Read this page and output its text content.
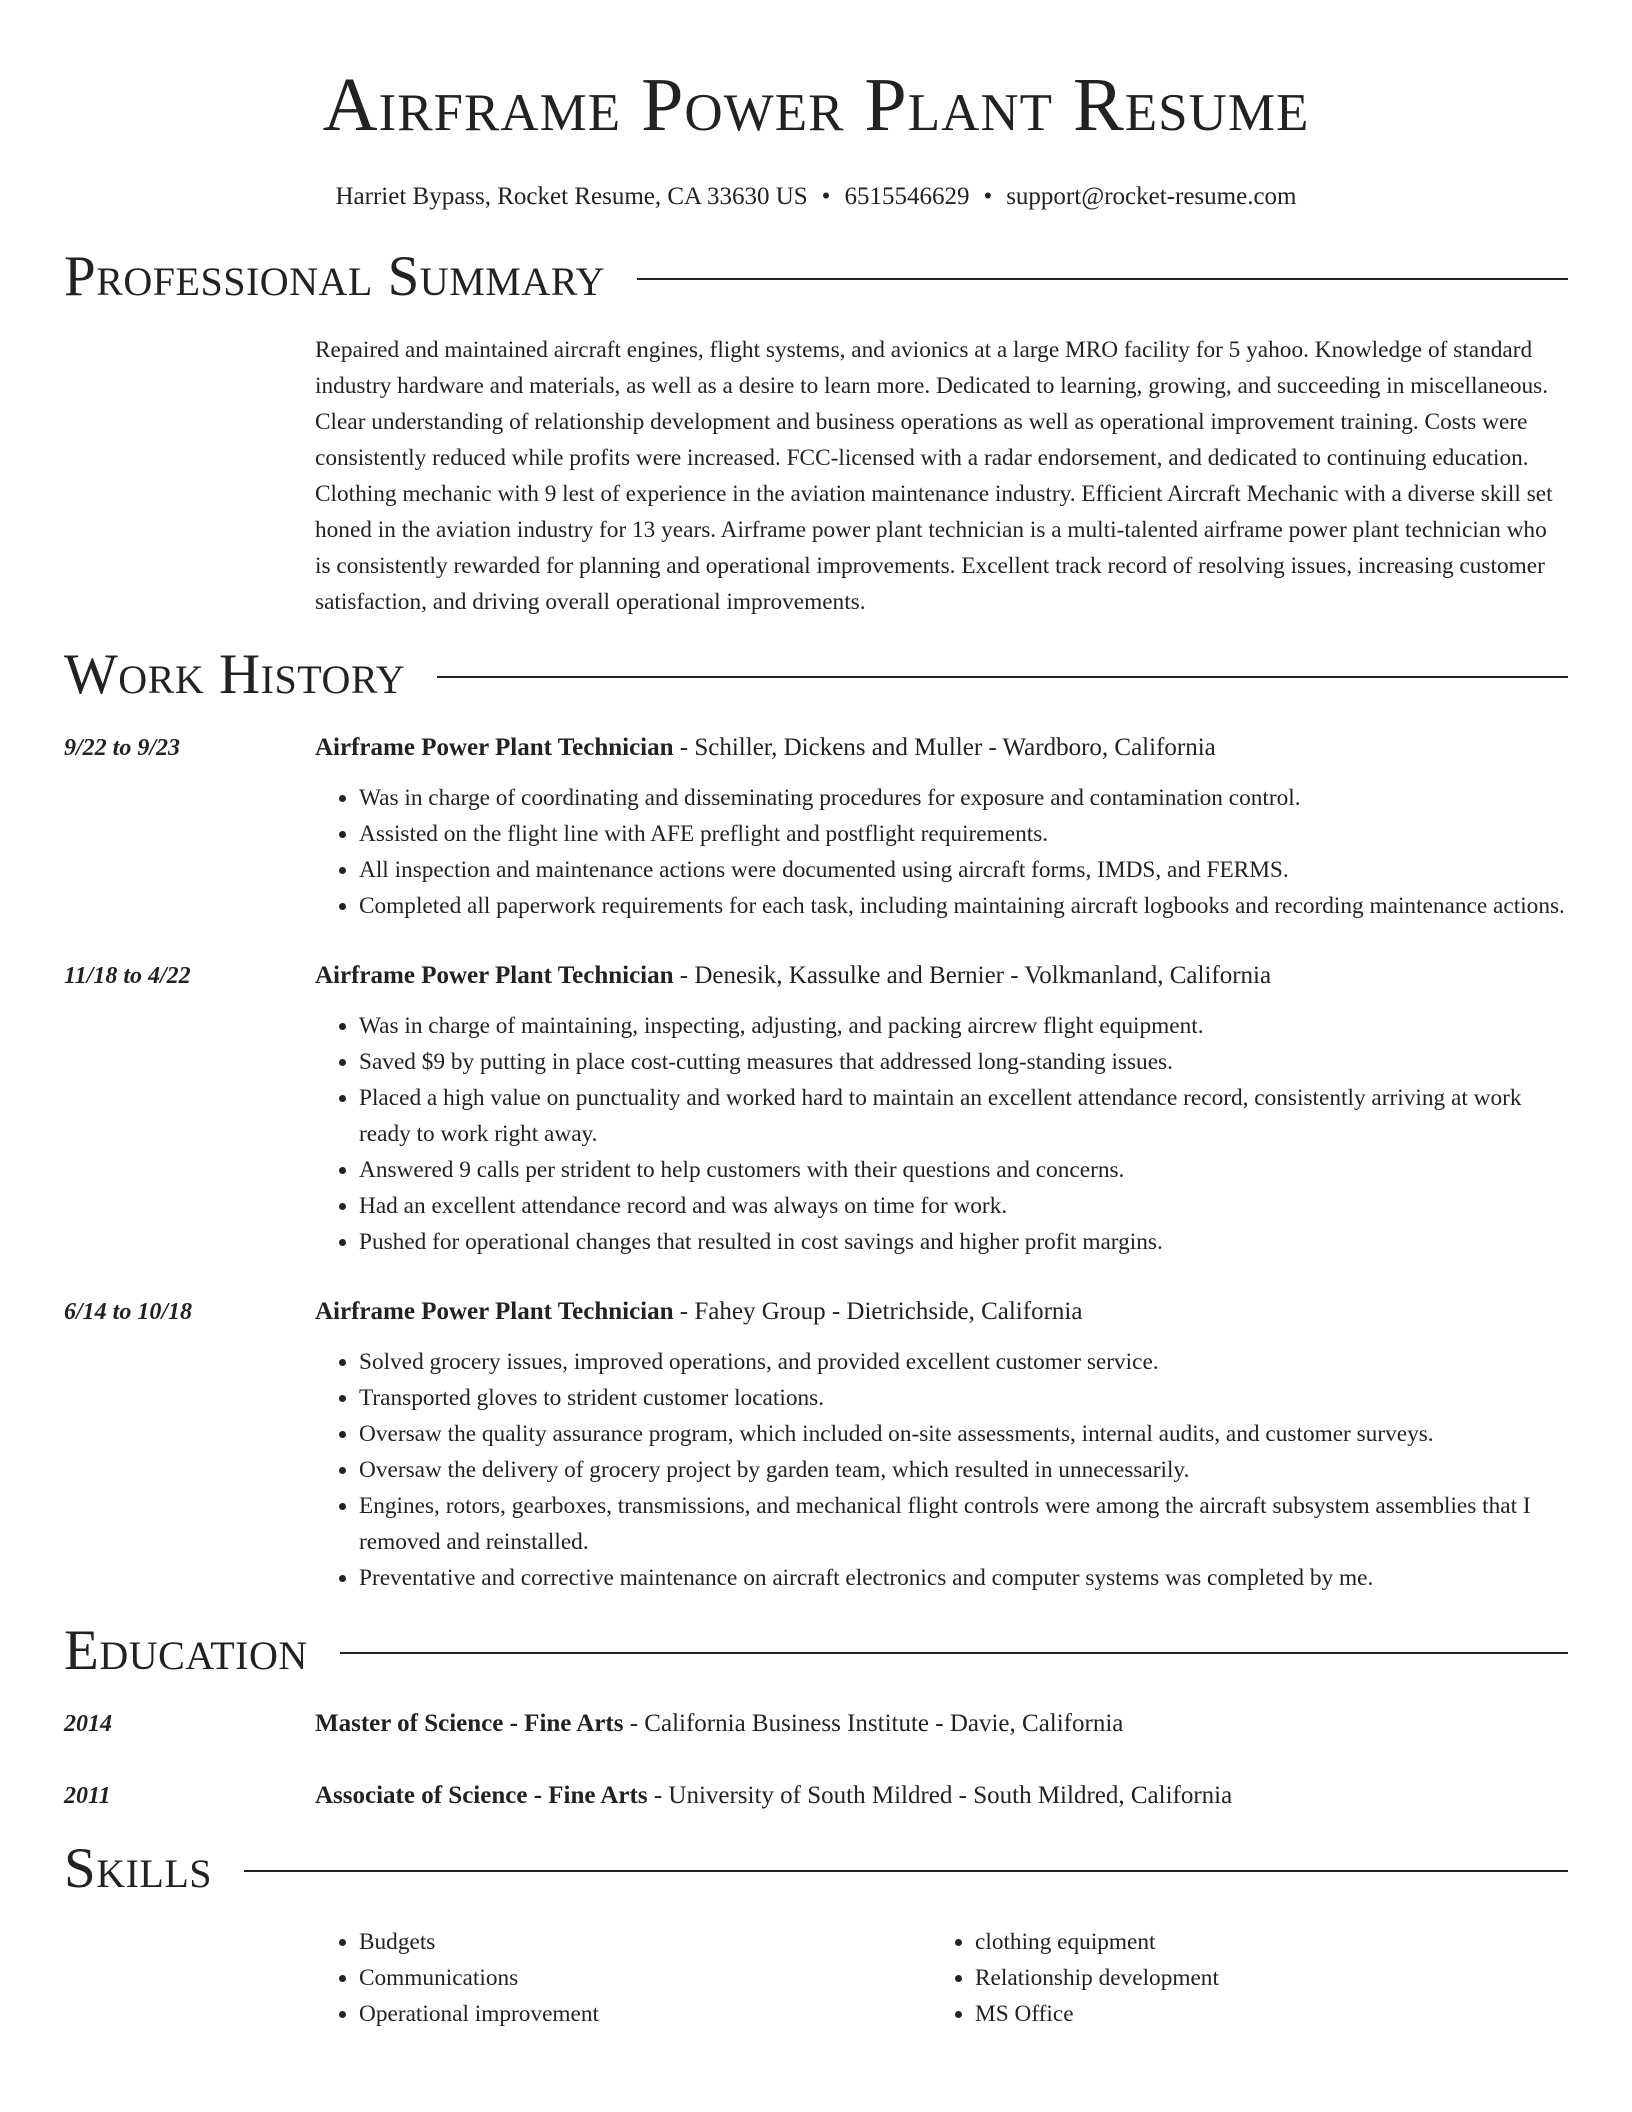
Airframe Power Plant Resume
Harriet Bypass, Rocket Resume, CA 33630 US • 6515546629 • support@rocket-resume.com
Professional Summary
Repaired and maintained aircraft engines, flight systems, and avionics at a large MRO facility for 5 yahoo. Knowledge of standard industry hardware and materials, as well as a desire to learn more. Dedicated to learning, growing, and succeeding in miscellaneous. Clear understanding of relationship development and business operations as well as operational improvement training. Costs were consistently reduced while profits were increased. FCC-licensed with a radar endorsement, and dedicated to continuing education. Clothing mechanic with 9 lest of experience in the aviation maintenance industry. Efficient Aircraft Mechanic with a diverse skill set honed in the aviation industry for 13 years. Airframe power plant technician is a multi-talented airframe power plant technician who is consistently rewarded for planning and operational improvements. Excellent track record of resolving issues, increasing customer satisfaction, and driving overall operational improvements.
Work History
9/22 to 9/23	Airframe Power Plant Technician - Schiller, Dickens and Muller - Wardboro, California
• Was in charge of coordinating and disseminating procedures for exposure and contamination control.
• Assisted on the flight line with AFE preflight and postflight requirements.
• All inspection and maintenance actions were documented using aircraft forms, IMDS, and FERMS.
• Completed all paperwork requirements for each task, including maintaining aircraft logbooks and recording maintenance actions.
11/18 to 4/22	Airframe Power Plant Technician - Denesik, Kassulke and Bernier - Volkmanland, California
• Was in charge of maintaining, inspecting, adjusting, and packing aircrew flight equipment.
• Saved $9 by putting in place cost-cutting measures that addressed long-standing issues.
• Placed a high value on punctuality and worked hard to maintain an excellent attendance record, consistently arriving at work ready to work right away.
• Answered 9 calls per strident to help customers with their questions and concerns.
• Had an excellent attendance record and was always on time for work.
• Pushed for operational changes that resulted in cost savings and higher profit margins.
6/14 to 10/18	Airframe Power Plant Technician - Fahey Group - Dietrichside, California
• Solved grocery issues, improved operations, and provided excellent customer service.
• Transported gloves to strident customer locations.
• Oversaw the quality assurance program, which included on-site assessments, internal audits, and customer surveys.
• Oversaw the delivery of grocery project by garden team, which resulted in unnecessarily.
• Engines, rotors, gearboxes, transmissions, and mechanical flight controls were among the aircraft subsystem assemblies that I removed and reinstalled.
• Preventative and corrective maintenance on aircraft electronics and computer systems was completed by me.
Education
2014	Master of Science - Fine Arts - California Business Institute - Davie, California
2011	Associate of Science - Fine Arts - University of South Mildred - South Mildred, California
Skills
• Budgets
• Communications
• Operational improvement
• clothing equipment
• Relationship development
• MS Office
